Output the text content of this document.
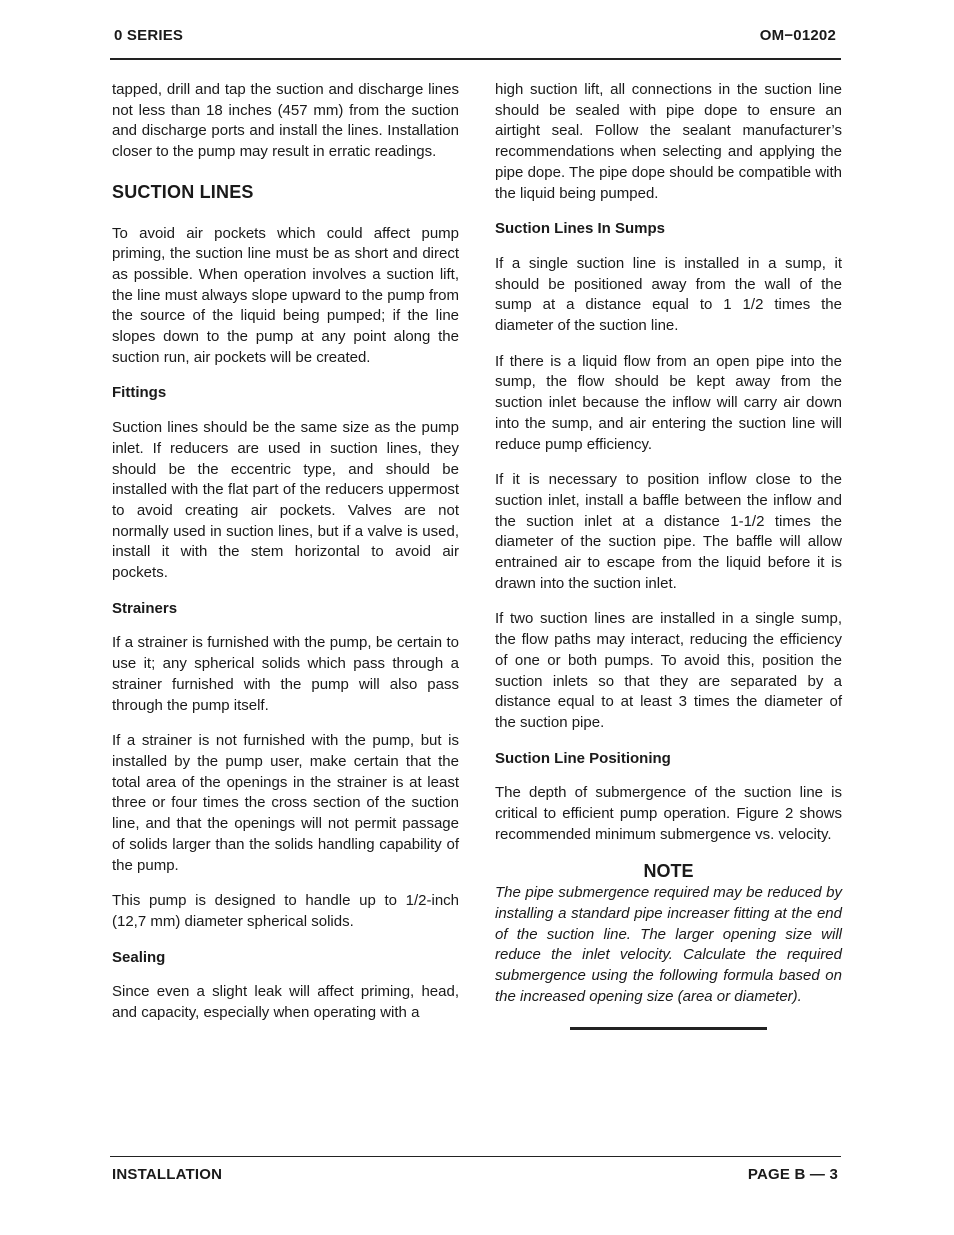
0 SERIES	OM−01202

tapped, drill and tap the suction and discharge lines not less than 18 inches (457 mm) from the suction and discharge ports and install the lines. Installation closer to the pump may result in erratic readings.

SUCTION LINES

To avoid air pockets which could affect pump priming, the suction line must be as short and direct as possible. When operation involves a suction lift, the line must always slope upward to the pump from the source of the liquid being pumped; if the line slopes down to the pump at any point along the suction run, air pockets will be created.

Fittings

Suction lines should be the same size as the pump inlet. If reducers are used in suction lines, they should be the eccentric type, and should be installed with the flat part of the reducers uppermost to avoid creating air pockets. Valves are not normally used in suction lines, but if a valve is used, install it with the stem horizontal to avoid air pockets.

Strainers

If a strainer is furnished with the pump, be certain to use it; any spherical solids which pass through a strainer furnished with the pump will also pass through the pump itself.

If a strainer is not furnished with the pump, but is installed by the pump user, make certain that the total area of the openings in the strainer is at least three or four times the cross section of the suction line, and that the openings will not permit passage of solids larger than the solids handling capability of the pump.

This pump is designed to handle up to 1/2-inch (12,7 mm) diameter spherical solids.

Sealing

Since even a slight leak will affect priming, head, and capacity, especially when operating with a

high suction lift, all connections in the suction line should be sealed with pipe dope to ensure an airtight seal. Follow the sealant manufacturer’s recommendations when selecting and applying the pipe dope. The pipe dope should be compatible with the liquid being pumped.

Suction Lines In Sumps

If a single suction line is installed in a sump, it should be positioned away from the wall of the sump at a distance equal to 1 1/2 times the diameter of the suction line.

If there is a liquid flow from an open pipe into the sump, the flow should be kept away from the suction inlet because the inflow will carry air down into the sump, and air entering the suction line will reduce pump efficiency.

If it is necessary to position inflow close to the suction inlet, install a baffle between the inflow and the suction inlet at a distance 1-1/2 times the diameter of the suction pipe. The baffle will allow entrained air to escape from the liquid before it is drawn into the suction inlet.

If two suction lines are installed in a single sump, the flow paths may interact, reducing the efficiency of one or both pumps. To avoid this, position the suction inlets so that they are separated by a distance equal to at least 3 times the diameter of the suction pipe.

Suction Line Positioning

The depth of submergence of the suction line is critical to efficient pump operation. Figure 2 shows recommended minimum submergence vs. velocity.

NOTE

The pipe submergence required may be reduced by installing a standard pipe increaser fitting at the end of the suction line. The larger opening size will reduce the inlet velocity. Calculate the required submergence using the following formula based on the increased opening size (area or diameter).

INSTALLATION	PAGE B — 3
